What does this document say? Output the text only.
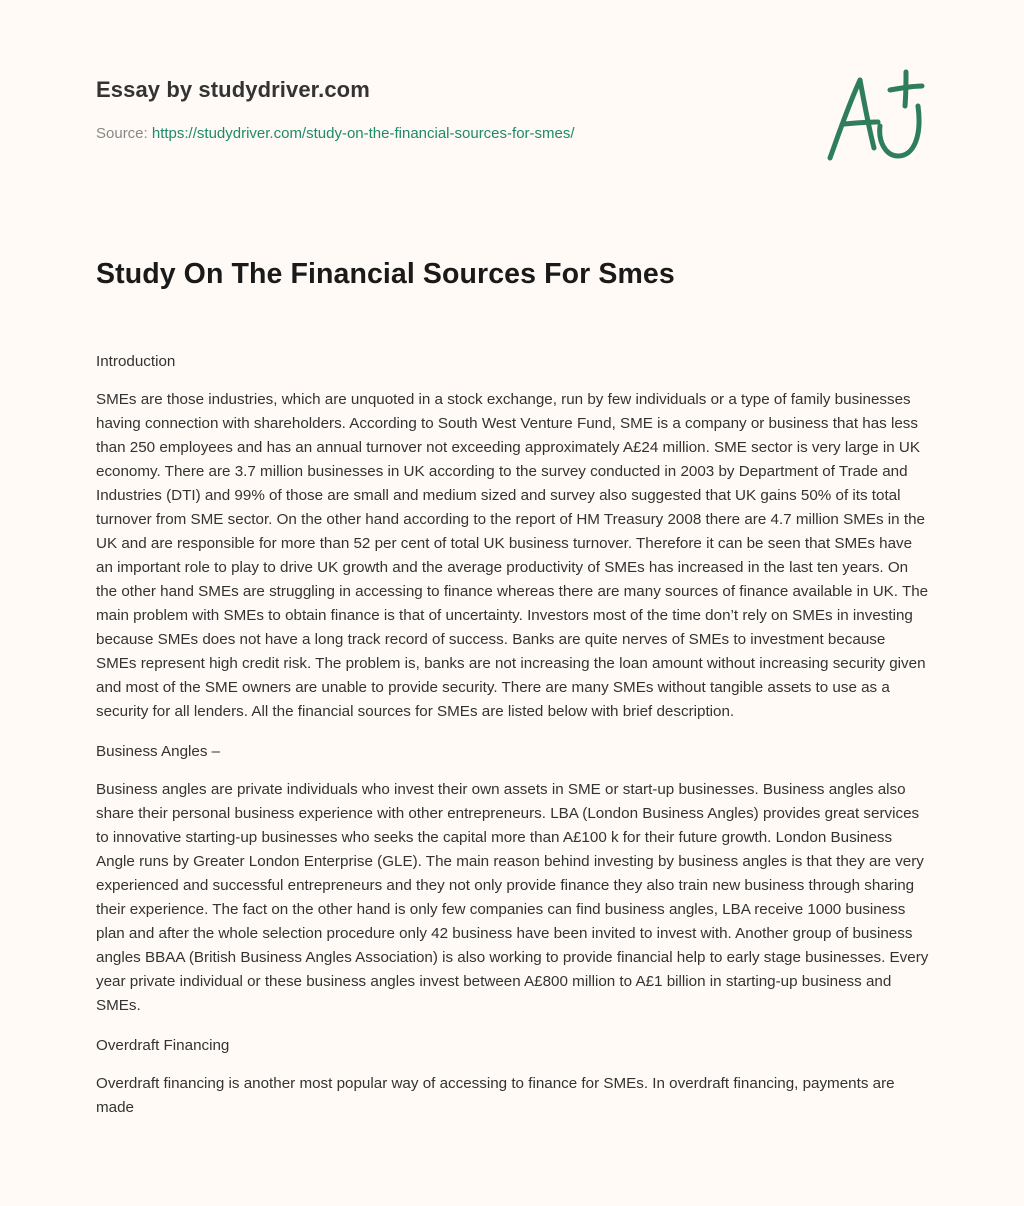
Essay by studydriver.com
Source: https://studydriver.com/study-on-the-financial-sources-for-smes/
Study On The Financial Sources For Smes

Introduction

SMEs are those industries, which are unquoted in a stock exchange, run by few individuals or a type of family businesses having connection with shareholders. According to South West Venture Fund, SME is a company or business that has less than 250 employees and has an annual turnover not exceeding approximately A£24 million. SME sector is very large in UK economy. There are 3.7 million businesses in UK according to the survey conducted in 2003 by Department of Trade and Industries (DTI) and 99% of those are small and medium sized and survey also suggested that UK gains 50% of its total turnover from SME sector. On the other hand according to the report of HM Treasury 2008 there are 4.7 million SMEs in the UK and are responsible for more than 52 per cent of total UK business turnover. Therefore it can be seen that SMEs have an important role to play to drive UK growth and the average productivity of SMEs has increased in the last ten years. On the other hand SMEs are struggling in accessing to finance whereas there are many sources of finance available in UK. The main problem with SMEs to obtain finance is that of uncertainty. Investors most of the time don’t rely on SMEs in investing because SMEs does not have a long track record of success. Banks are quite nerves of SMEs to investment because SMEs represent high credit risk. The problem is, banks are not increasing the loan amount without increasing security given and most of the SME owners are unable to provide security. There are many SMEs without tangible assets to use as a security for all lenders. All the financial sources for SMEs are listed below with brief description.

Business Angles –

Business angles are private individuals who invest their own assets in SME or start-up businesses. Business angles also share their personal business experience with other entrepreneurs. LBA (London Business Angles) provides great services to innovative starting-up businesses who seeks the capital more than A£100 k for their future growth. London Business Angle runs by Greater London Enterprise (GLE). The main reason behind investing by business angles is that they are very experienced and successful entrepreneurs and they not only provide finance they also train new business through sharing their experience. The fact on the other hand is only few companies can find business angles, LBA receive 1000 business plan and after the whole selection procedure only 42 business have been invited to invest with. Another group of business angles BBAA (British Business Angles Association) is also working to provide financial help to early stage businesses. Every year private individual or these business angles invest between A£800 million to A£1 billion in starting-up business and SMEs.

Overdraft Financing

Overdraft financing is another most popular way of accessing to finance for SMEs. In overdraft financing, payments are made
